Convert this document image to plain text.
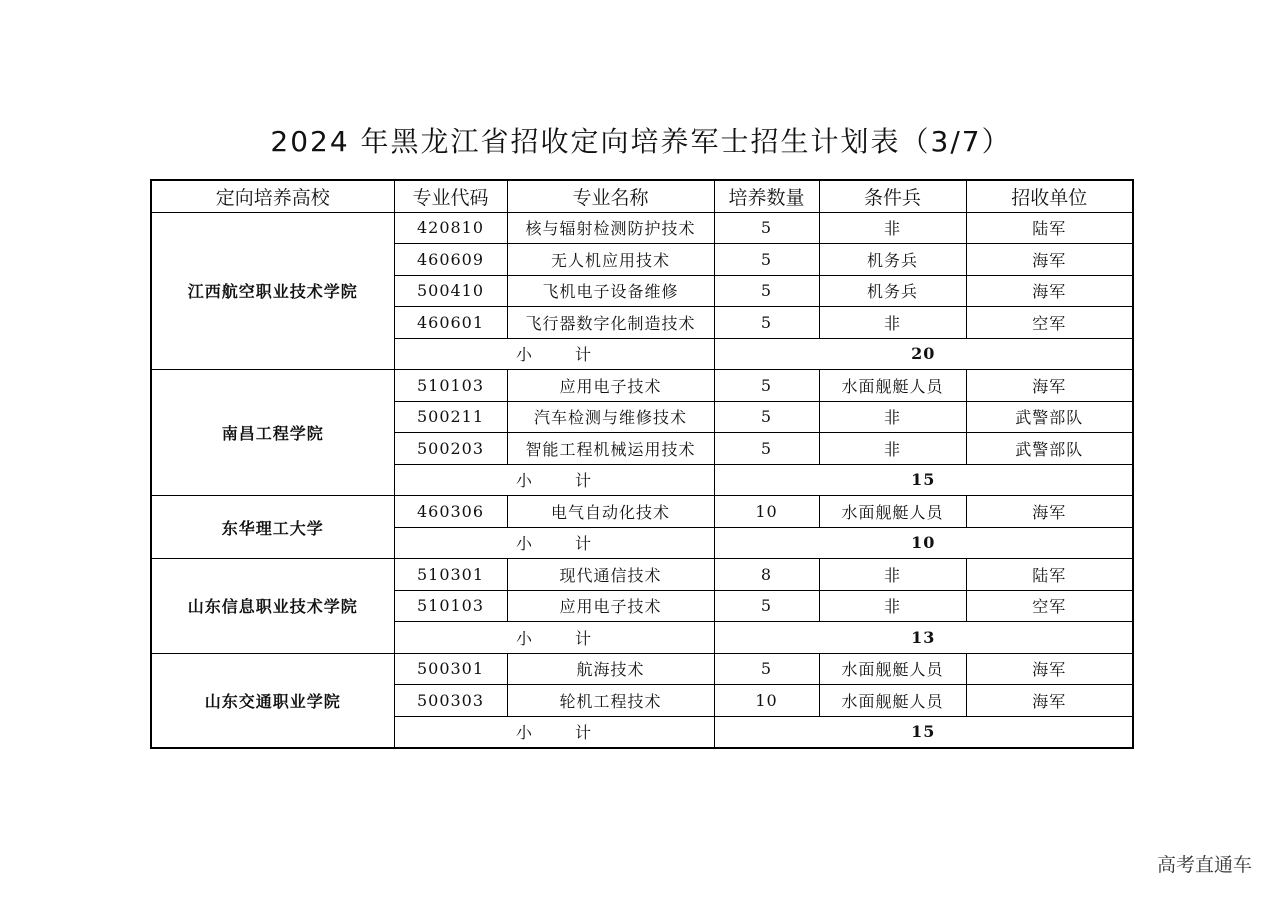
2024 年黑龙江省招收定向培养军士招生计划表（3/7）
定向培养高校	专业代码	专业名称	培养数量	条件兵	招收单位
江西航空职业技术学院	420810	核与辐射检测防护技术	5	非	陆军
	460609	无人机应用技术	5	机务兵	海军
	500410	飞机电子设备维修	5	机务兵	海军
	460601	飞行器数字化制造技术	5	非	空军
	小 计		20		
南昌工程学院	510103	应用电子技术	5	水面舰艇人员	海军
	500211	汽车检测与维修技术	5	非	武警部队
	500203	智能工程机械运用技术	5	非	武警部队
	小 计		15		
东华理工大学	460306	电气自动化技术	10	水面舰艇人员	海军
	小 计		10		
山东信息职业技术学院	510301	现代通信技术	8	非	陆军
	510103	应用电子技术	5	非	空军
	小 计		13		
山东交通职业学院	500301	航海技术	5	水面舰艇人员	海军
	500303	轮机工程技术	10	水面舰艇人员	海军
	小 计		15		
高考直通车
